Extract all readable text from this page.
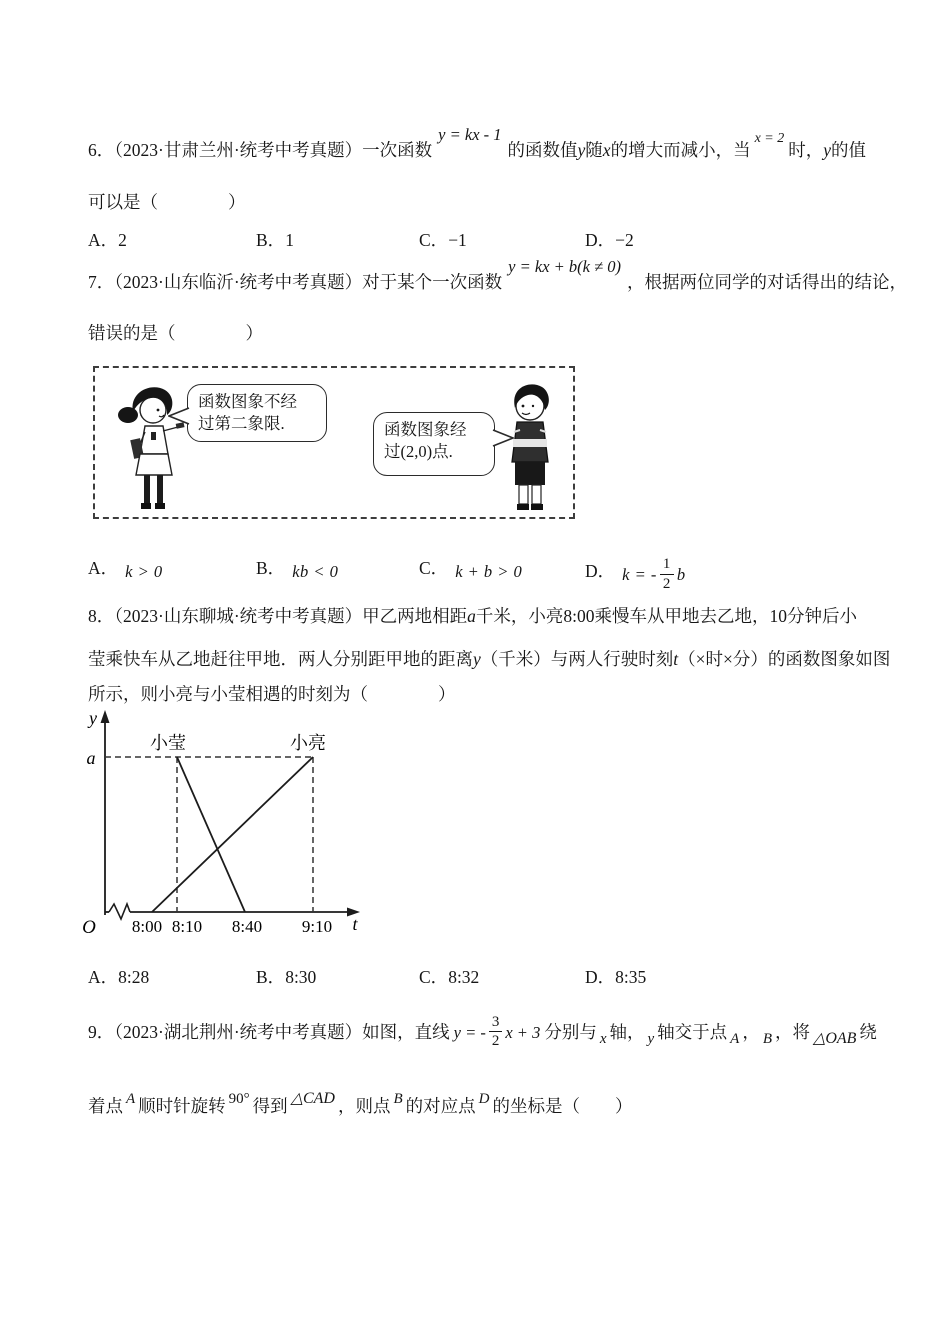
6．（2023·甘肃兰州·统考中考真题）一次函数y = kx - 1的函数值y随x的增大而减小，当x = 2时，y的值
可以是（　　　　）
A．2	B．1	C．−1	D．−2
7．（2023·山东临沂·统考中考真题）对于某个一次函数y = kx + b(k ≠ 0)，根据两位同学的对话得出的结论，
错误的是（　　　　）
函数图象不经
过第二象限.	函数图象经
过(2,0)点.
A． k > 0	B． kb < 0	C． k + b > 0	D． k = - $\frac{1}{2}$ b
8．（2023·山东聊城·统考中考真题）甲乙两地相距a千米，小亮8:00乘慢车从甲地去乙地，10分钟后小
莹乘快车从乙地赶往甲地．两人分别距甲地的距离y（千米）与两人行驶时刻t（×时×分）的函数图象如图
所示，则小亮与小莹相遇的时刻为（　　　　）
y
a
O	t
8:00 8:10 8:40 9:10
小莹	小亮
A．8:28	B．8:30	C．8:32	D．8:35
9．（2023·湖北荆州·统考中考真题）如图，直线 y = - $\frac{3}{2}$ x + 3 分别与 x 轴， y 轴交于点 A ， B ，将 △OAB 绕
着点 A 顺时针旋转 90° 得到 △CAD ，则点 B 的对应点 D 的坐标是（　　）
